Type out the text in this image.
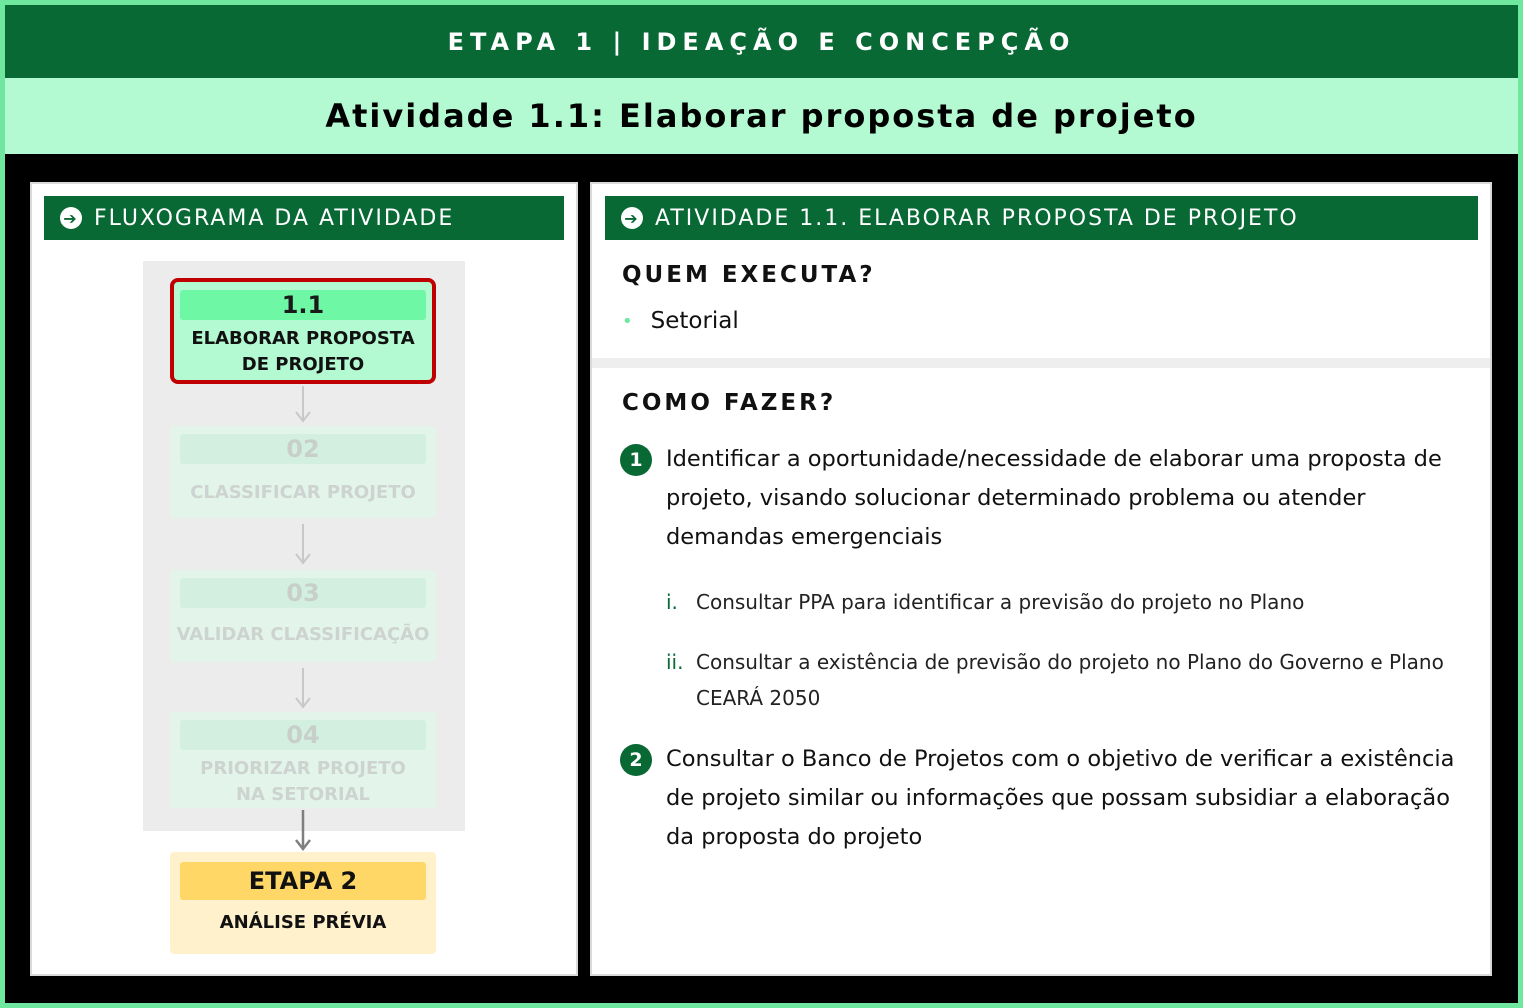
ETAPA 1 | IDEAÇÃO E CONCEPÇÃO
Atividade 1.1: Elaborar proposta de projeto
➔ FLUXOGRAMA DA ATIVIDADE
1.1
ELABORAR PROPOSTA
DE PROJETO
02
CLASSIFICAR PROJETO
03
VALIDAR CLASSIFICAÇÃO
04
PRIORIZAR PROJETO
NA SETORIAL
ETAPA 2
ANÁLISE PRÉVIA
➔ ATIVIDADE 1.1. ELABORAR PROPOSTA DE PROJETO
QUEM EXECUTA?
• Setorial
COMO FAZER?
1	Identificar a oportunidade/necessidade de elaborar uma proposta de projeto, visando solucionar determinado problema ou atender demandas emergenciais
i. Consultar PPA para identificar a previsão do projeto no Plano
ii. Consultar a existência de previsão do projeto no Plano do Governo e Plano CEARÁ 2050
2	Consultar o Banco de Projetos com o objetivo de verificar a existência de projeto similar ou informações que possam subsidiar a elaboração da proposta do projeto
